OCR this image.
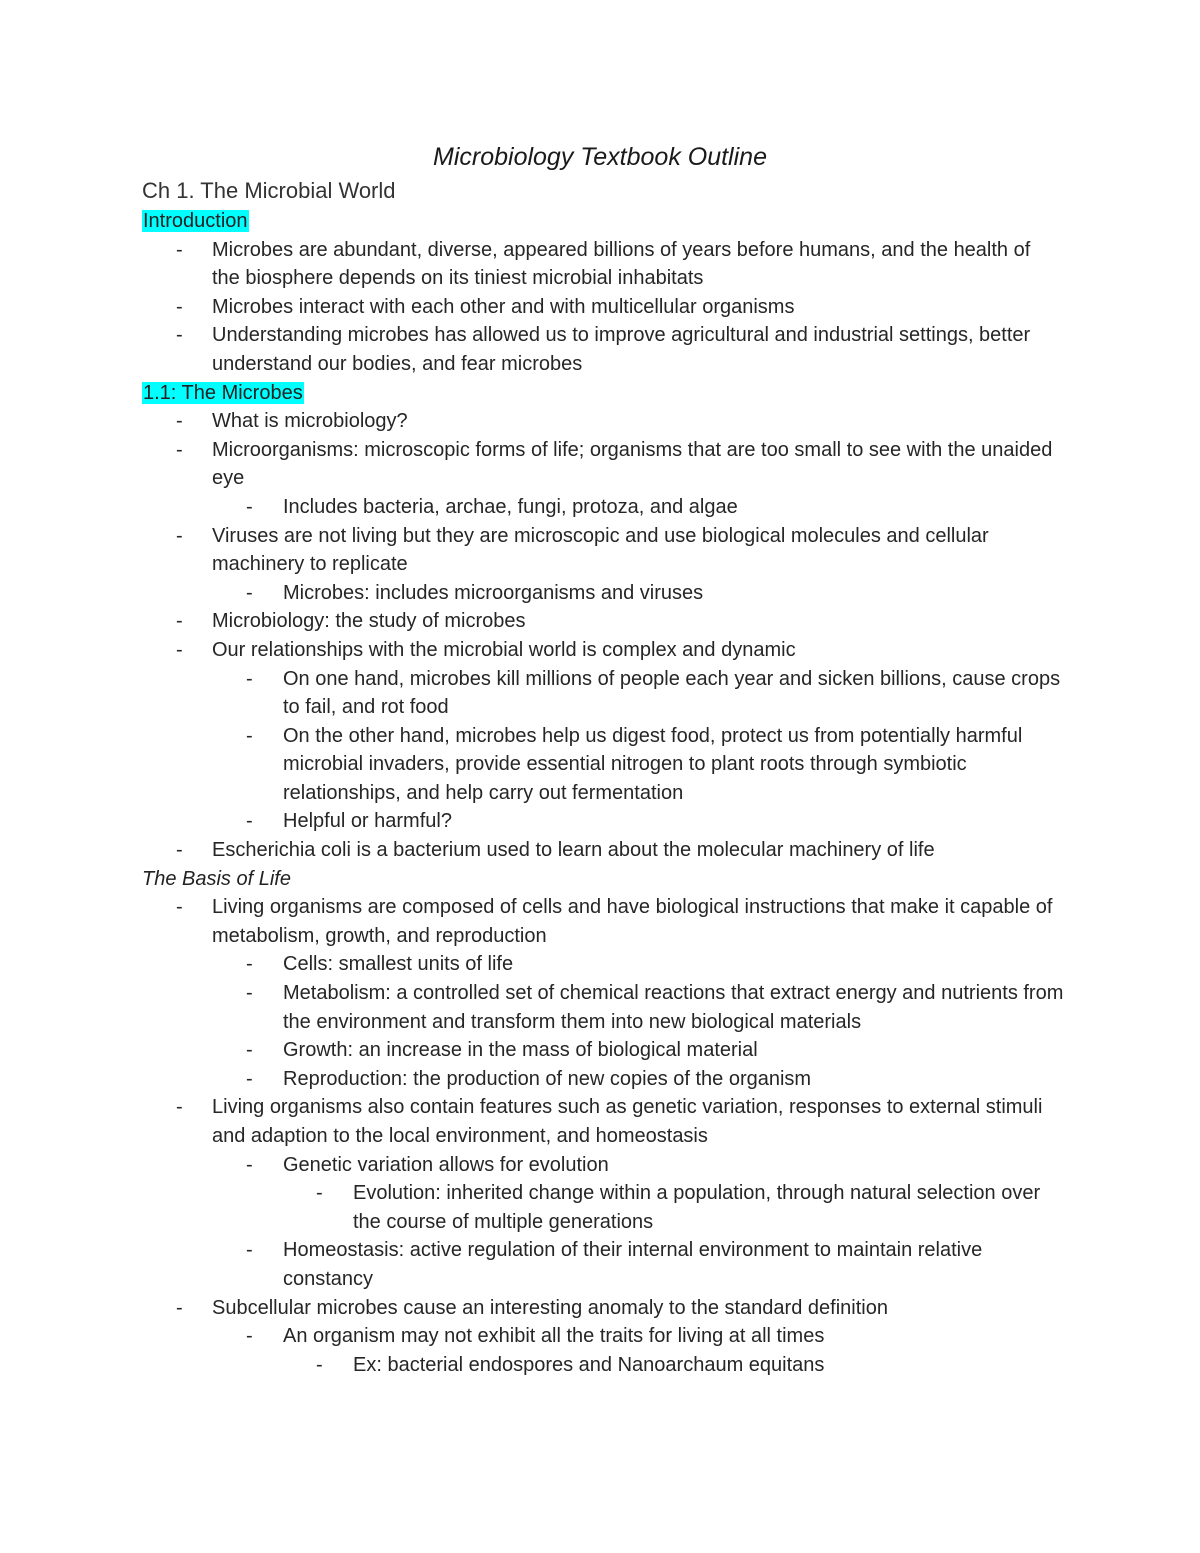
Microbiology Textbook Outline
Ch 1. The Microbial World
Introduction
- Microbes are abundant, diverse, appeared billions of years before humans, and the health of the biosphere depends on its tiniest microbial inhabitats
- Microbes interact with each other and with multicellular organisms
- Understanding microbes has allowed us to improve agricultural and industrial settings, better understand our bodies, and fear microbes
1.1: The Microbes
- What is microbiology?
- Microorganisms: microscopic forms of life; organisms that are too small to see with the unaided eye
- Includes bacteria, archae, fungi, protoza, and algae
- Viruses are not living but they are microscopic and use biological molecules and cellular machinery to replicate
- Microbes: includes microorganisms and viruses
- Microbiology: the study of microbes
- Our relationships with the microbial world is complex and dynamic
- On one hand, microbes kill millions of people each year and sicken billions, cause crops to fail, and rot food
- On the other hand, microbes help us digest food, protect us from potentially harmful microbial invaders, provide essential nitrogen to plant roots through symbiotic relationships, and help carry out fermentation
- Helpful or harmful?
- Escherichia coli is a bacterium used to learn about the molecular machinery of life
The Basis of Life
- Living organisms are composed of cells and have biological instructions that make it capable of metabolism, growth, and reproduction
- Cells: smallest units of life
- Metabolism: a controlled set of chemical reactions that extract energy and nutrients from the environment and transform them into new biological materials
- Growth: an increase in the mass of biological material
- Reproduction: the production of new copies of the organism
- Living organisms also contain features such as genetic variation, responses to external stimuli and adaption to the local environment, and homeostasis
- Genetic variation allows for evolution
- Evolution: inherited change within a population, through natural selection over the course of multiple generations
- Homeostasis: active regulation of their internal environment to maintain relative constancy
- Subcellular microbes cause an interesting anomaly to the standard definition
- An organism may not exhibit all the traits for living at all times
- Ex: bacterial endospores and Nanoarchaum equitans
